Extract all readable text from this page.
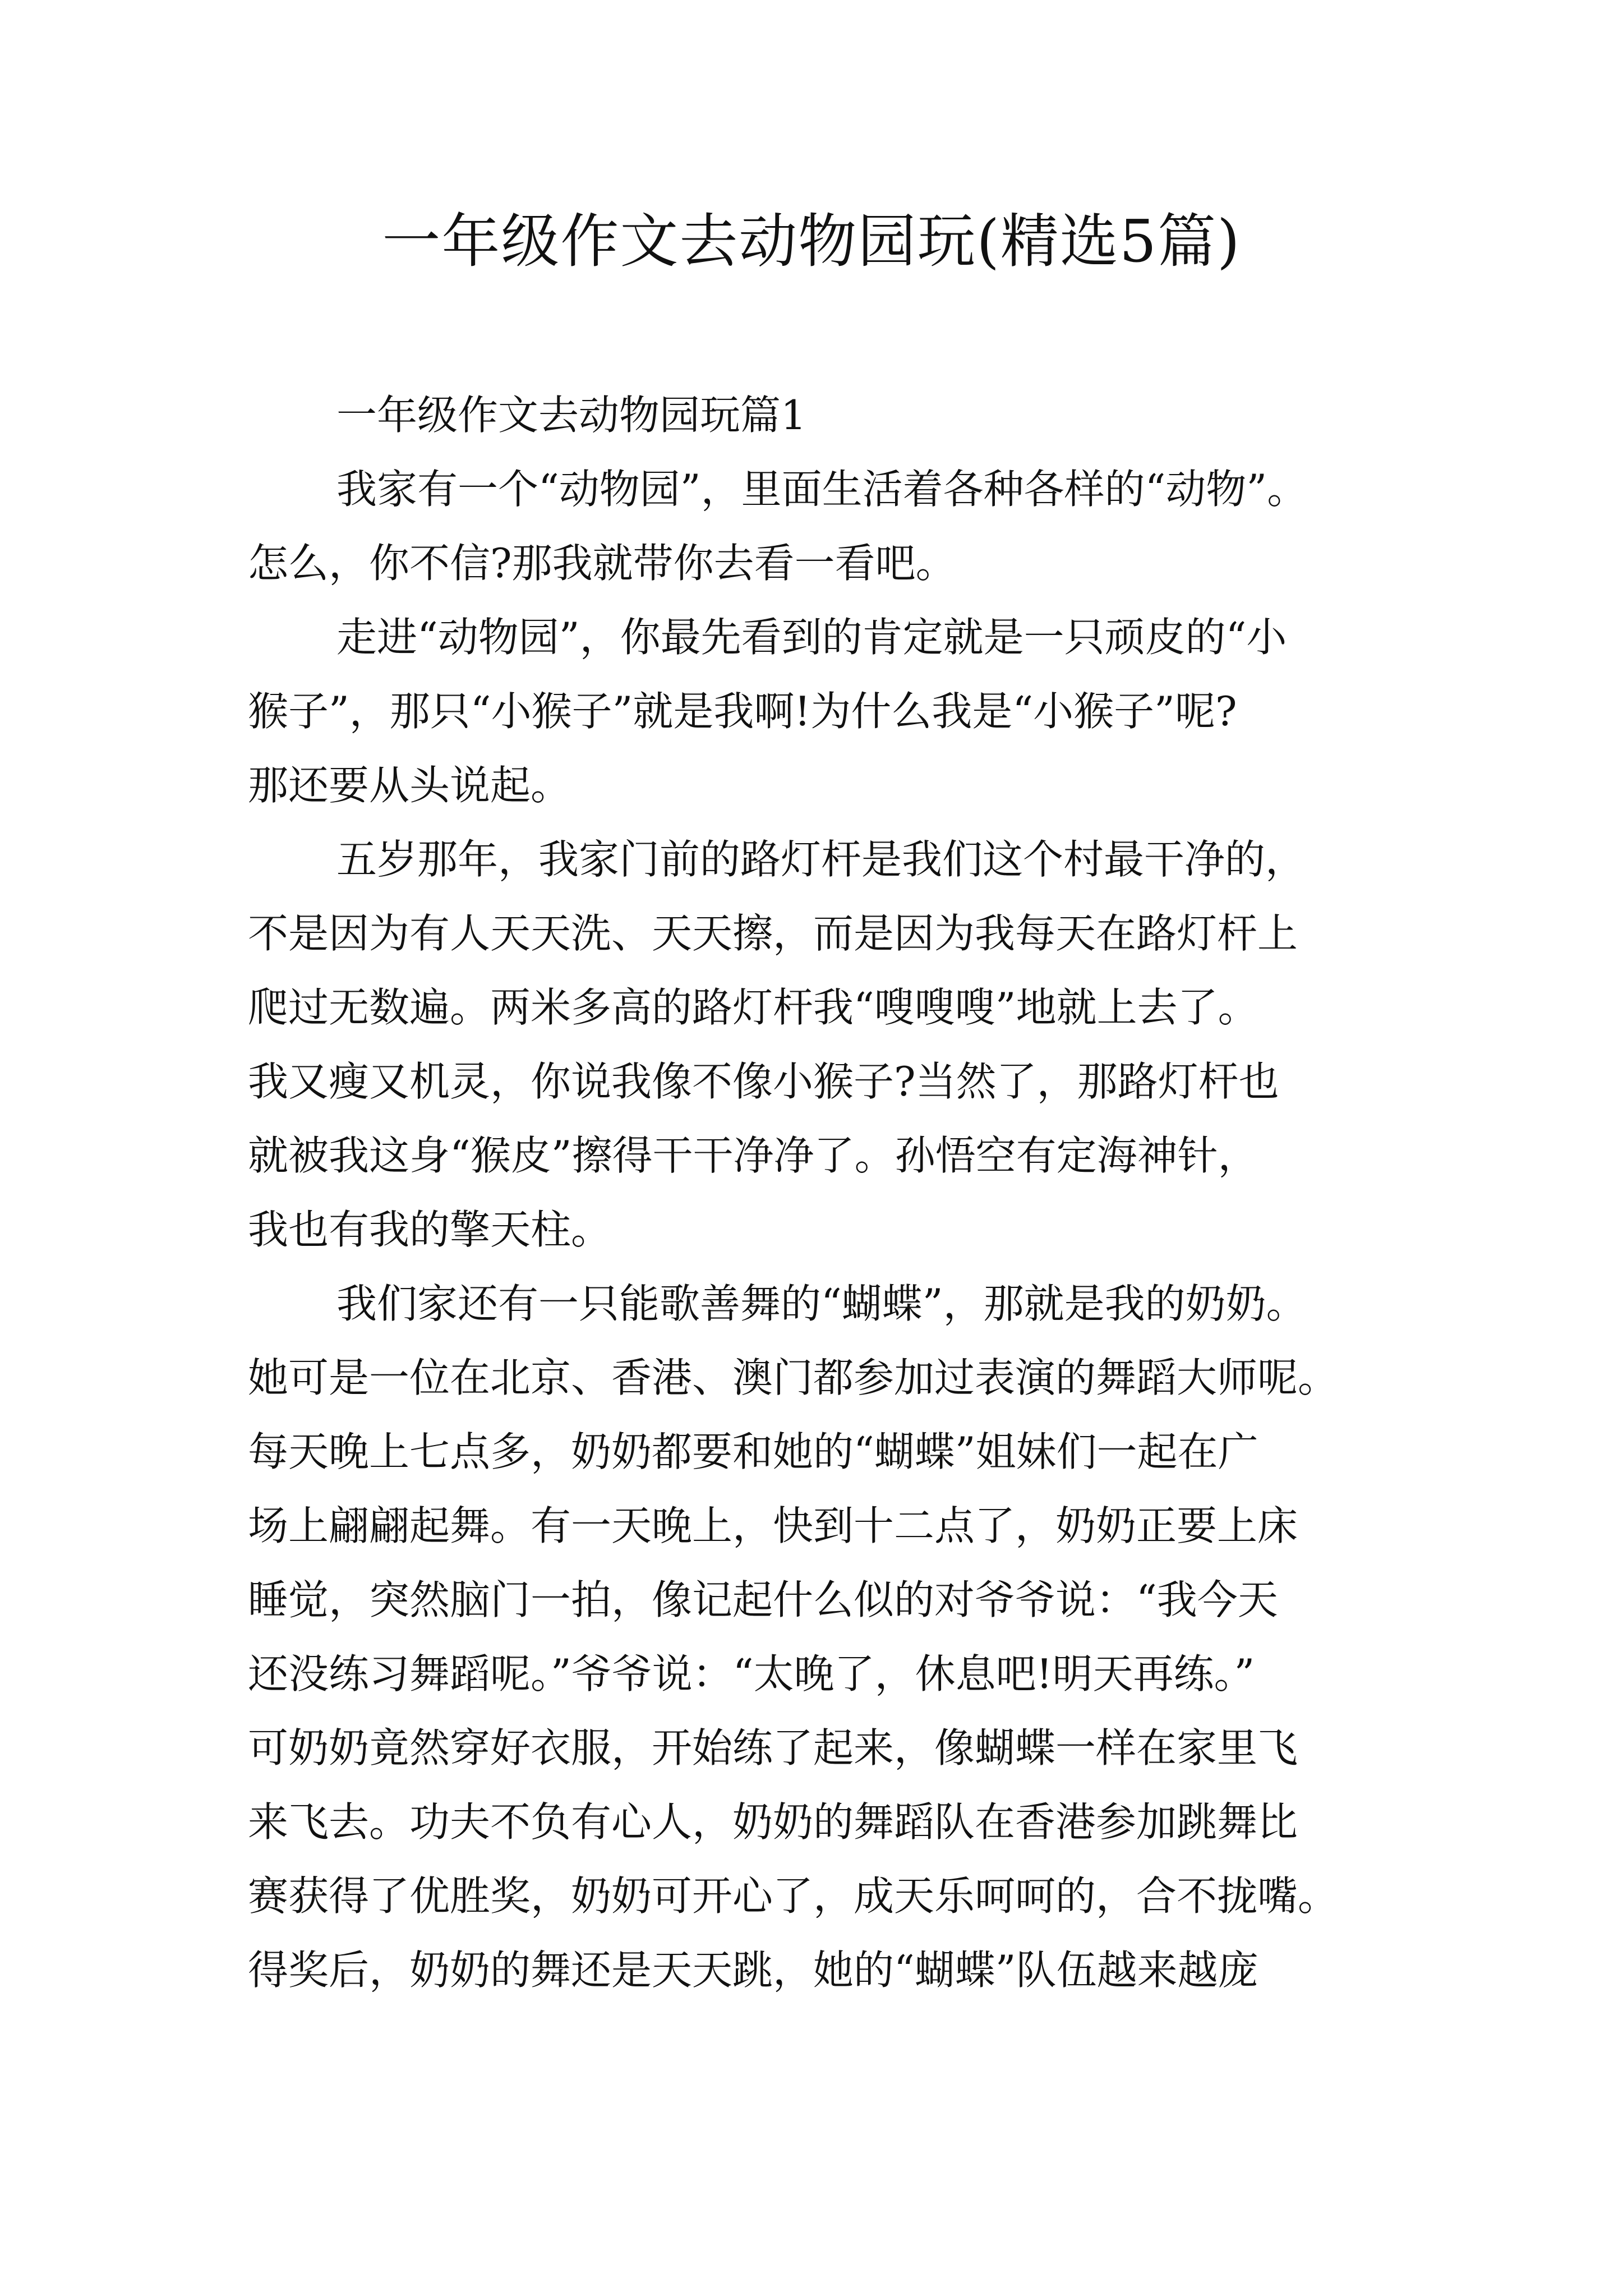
一年级作文去动物园玩(精选5篇)
一年级作文去动物园玩篇1
我家有一个“动物园”，里面生活着各种各样的“动物”。
怎么，你不信?那我就带你去看一看吧。
走进“动物园”，你最先看到的肯定就是一只顽皮的“小
猴子”，那只“小猴子”就是我啊!为什么我是“小猴子”呢?
那还要从头说起。
五岁那年，我家门前的路灯杆是我们这个村最干净的，
不是因为有人天天洗、天天擦，而是因为我每天在路灯杆上
爬过无数遍。两米多高的路灯杆我“嗖嗖嗖”地就上去了。
我又瘦又机灵，你说我像不像小猴子?当然了，那路灯杆也
就被我这身“猴皮”擦得干干净净了。孙悟空有定海神针，
我也有我的擎天柱。
我们家还有一只能歌善舞的“蝴蝶”，那就是我的奶奶。
她可是一位在北京、香港、澳门都参加过表演的舞蹈大师呢。
每天晚上七点多，奶奶都要和她的“蝴蝶”姐妹们一起在广
场上翩翩起舞。有一天晚上，快到十二点了，奶奶正要上床
睡觉，突然脑门一拍，像记起什么似的对爷爷说：“我今天
还没练习舞蹈呢。”爷爷说：“太晚了，休息吧!明天再练。”
可奶奶竟然穿好衣服，开始练了起来，像蝴蝶一样在家里飞
来飞去。功夫不负有心人，奶奶的舞蹈队在香港参加跳舞比
赛获得了优胜奖，奶奶可开心了，成天乐呵呵的，合不拢嘴。
得奖后，奶奶的舞还是天天跳，她的“蝴蝶”队伍越来越庞
